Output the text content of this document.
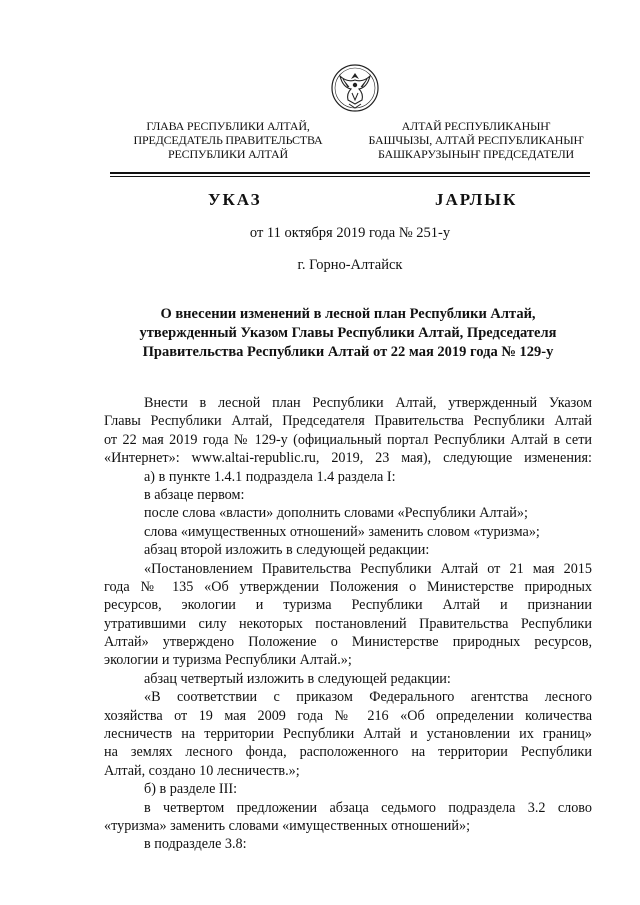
ГЛАВА РЕСПУБЛИКИ АЛТАЙ,
ПРЕДСЕДАТЕЛЬ ПРАВИТЕЛЬСТВА
РЕСПУБЛИКИ АЛТАЙ
АЛТАЙ РЕСПУБЛИКАНЫҤ
БАШЧЫЗЫ, АЛТАЙ РЕСПУБЛИКАНЫҤ
БАШКАРУЗЫНЫҤ ПРЕДСЕДАТЕЛИ
УКАЗ	ЈАРЛЫК
от 11 октября 2019 года № 251-у
г. Горно-Алтайск
О внесении изменений в лесной план Республики Алтай,
утвержденный Указом Главы Республики Алтай, Председателя
Правительства Республики Алтай от 22 мая 2019 года № 129-у
Внести в лесной план Республики Алтай, утвержденный Указом
Главы Республики Алтай, Председателя Правительства Республики Алтай
от 22 мая 2019 года № 129-у (официальный портал Республики Алтай в сети
«Интернет»: www.altai-republic.ru, 2019, 23 мая), следующие изменения:
а) в пункте 1.4.1 подраздела 1.4 раздела I:
в абзаце первом:
после слова «власти» дополнить словами «Республики Алтай»;
слова «имущественных отношений» заменить словом «туризма»;
абзац второй изложить в следующей редакции:
«Постановлением Правительства Республики Алтай от 21 мая 2015
года № 135 «Об утверждении Положения о Министерстве природных
ресурсов, экологии и туризма Республики Алтай и признании
утратившими силу некоторых постановлений Правительства Республики
Алтай» утверждено Положение о Министерстве природных ресурсов,
экологии и туризма Республики Алтай.»;
абзац четвертый изложить в следующей редакции:
«В соответствии с приказом Федерального агентства лесного
хозяйства от 19 мая 2009 года № 216 «Об определении количества
лесничеств на территории Республики Алтай и установлении их границ»
на землях лесного фонда, расположенного на территории Республики
Алтай, создано 10 лесничеств.»;
б) в разделе III:
в четвертом предложении абзаца седьмого подраздела 3.2 слово
«туризма» заменить словами «имущественных отношений»;
в подразделе 3.8:
